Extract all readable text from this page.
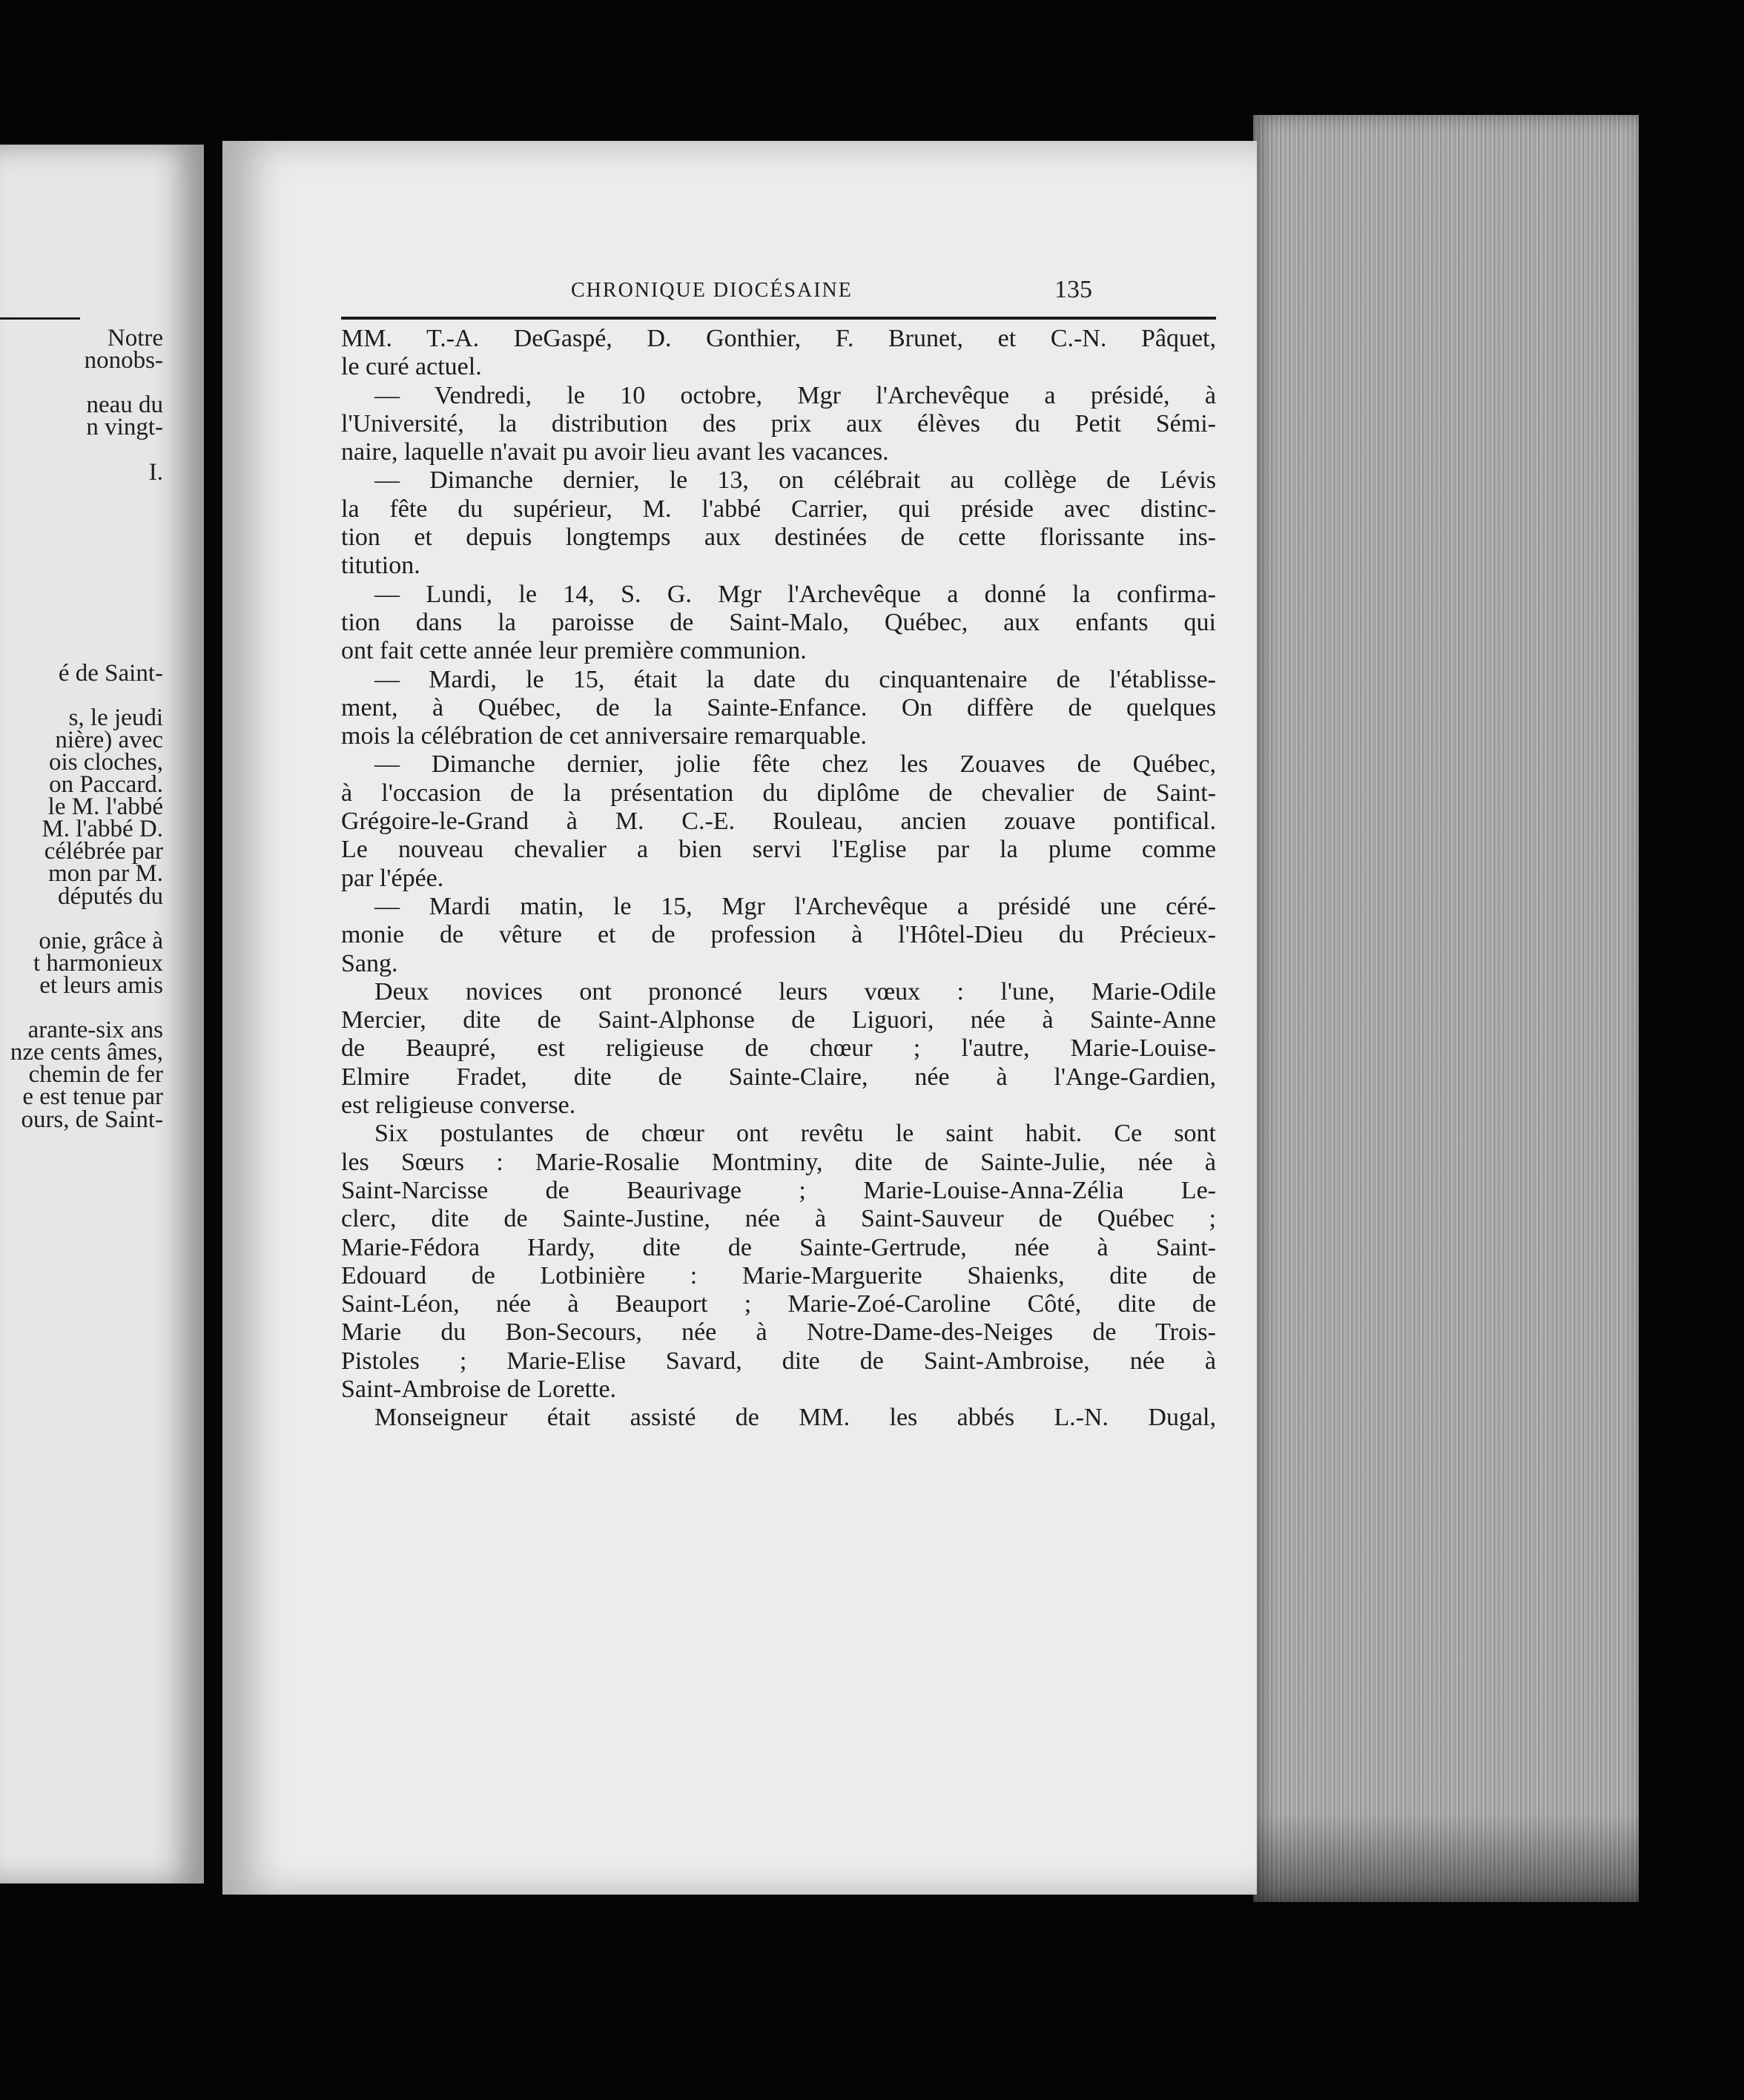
Notre
nonobs-
neau du
n vingt-
I.
é de Saint-
s, le jeudi
nière) avec
ois cloches,
on Paccard.
le M. l'abbé
M. l'abbé D.
célébrée par
mon par M.
députés du
onie, grâce à
t harmonieux
et leurs amis
arante-six ans
nze cents âmes,
chemin de fer
e est tenue par
ours, de Saint-
CHRONIQUE DIOCÉSAINE	135
MM. T.-A. DeGaspé, D. Gonthier, F. Brunet, et C.-N. Pâquet,
le curé actuel.
— Vendredi, le 10 octobre, Mgr l'Archevêque a présidé, à
l'Université, la distribution des prix aux élèves du Petit Sémi-
naire, laquelle n'avait pu avoir lieu avant les vacances.
— Dimanche dernier, le 13, on célébrait au collège de Lévis
la fête du supérieur, M. l'abbé Carrier, qui préside avec distinc-
tion et depuis longtemps aux destinées de cette florissante ins-
titution.
— Lundi, le 14, S. G. Mgr l'Archevêque a donné la confirma-
tion dans la paroisse de Saint-Malo, Québec, aux enfants qui
ont fait cette année leur première communion.
— Mardi, le 15, était la date du cinquantenaire de l'établisse-
ment, à Québec, de la Sainte-Enfance. On diffère de quelques
mois la célébration de cet anniversaire remarquable.
— Dimanche dernier, jolie fête chez les Zouaves de Québec,
à l'occasion de la présentation du diplôme de chevalier de Saint-
Grégoire-le-Grand à M. C.-E. Rouleau, ancien zouave pontifical.
Le nouveau chevalier a bien servi l'Eglise par la plume comme
par l'épée.
— Mardi matin, le 15, Mgr l'Archevêque a présidé une céré-
monie de vêture et de profession à l'Hôtel-Dieu du Précieux-
Sang.
Deux novices ont prononcé leurs vœux : l'une, Marie-Odile
Mercier, dite de Saint-Alphonse de Liguori, née à Sainte-Anne
de Beaupré, est religieuse de chœur ; l'autre, Marie-Louise-
Elmire Fradet, dite de Sainte-Claire, née à l'Ange-Gardien,
est religieuse converse.
Six postulantes de chœur ont revêtu le saint habit. Ce sont
les Sœurs : Marie-Rosalie Montminy, dite de Sainte-Julie, née à
Saint-Narcisse de Beaurivage ; Marie-Louise-Anna-Zélia Le-
clerc, dite de Sainte-Justine, née à Saint-Sauveur de Québec ;
Marie-Fédora Hardy, dite de Sainte-Gertrude, née à Saint-
Edouard de Lotbinière : Marie-Marguerite Shaienks, dite de
Saint-Léon, née à Beauport ; Marie-Zoé-Caroline Côté, dite de
Marie du Bon-Secours, née à Notre-Dame-des-Neiges de Trois-
Pistoles ; Marie-Elise Savard, dite de Saint-Ambroise, née à
Saint-Ambroise de Lorette.
Monseigneur était assisté de MM. les abbés L.-N. Dugal,
